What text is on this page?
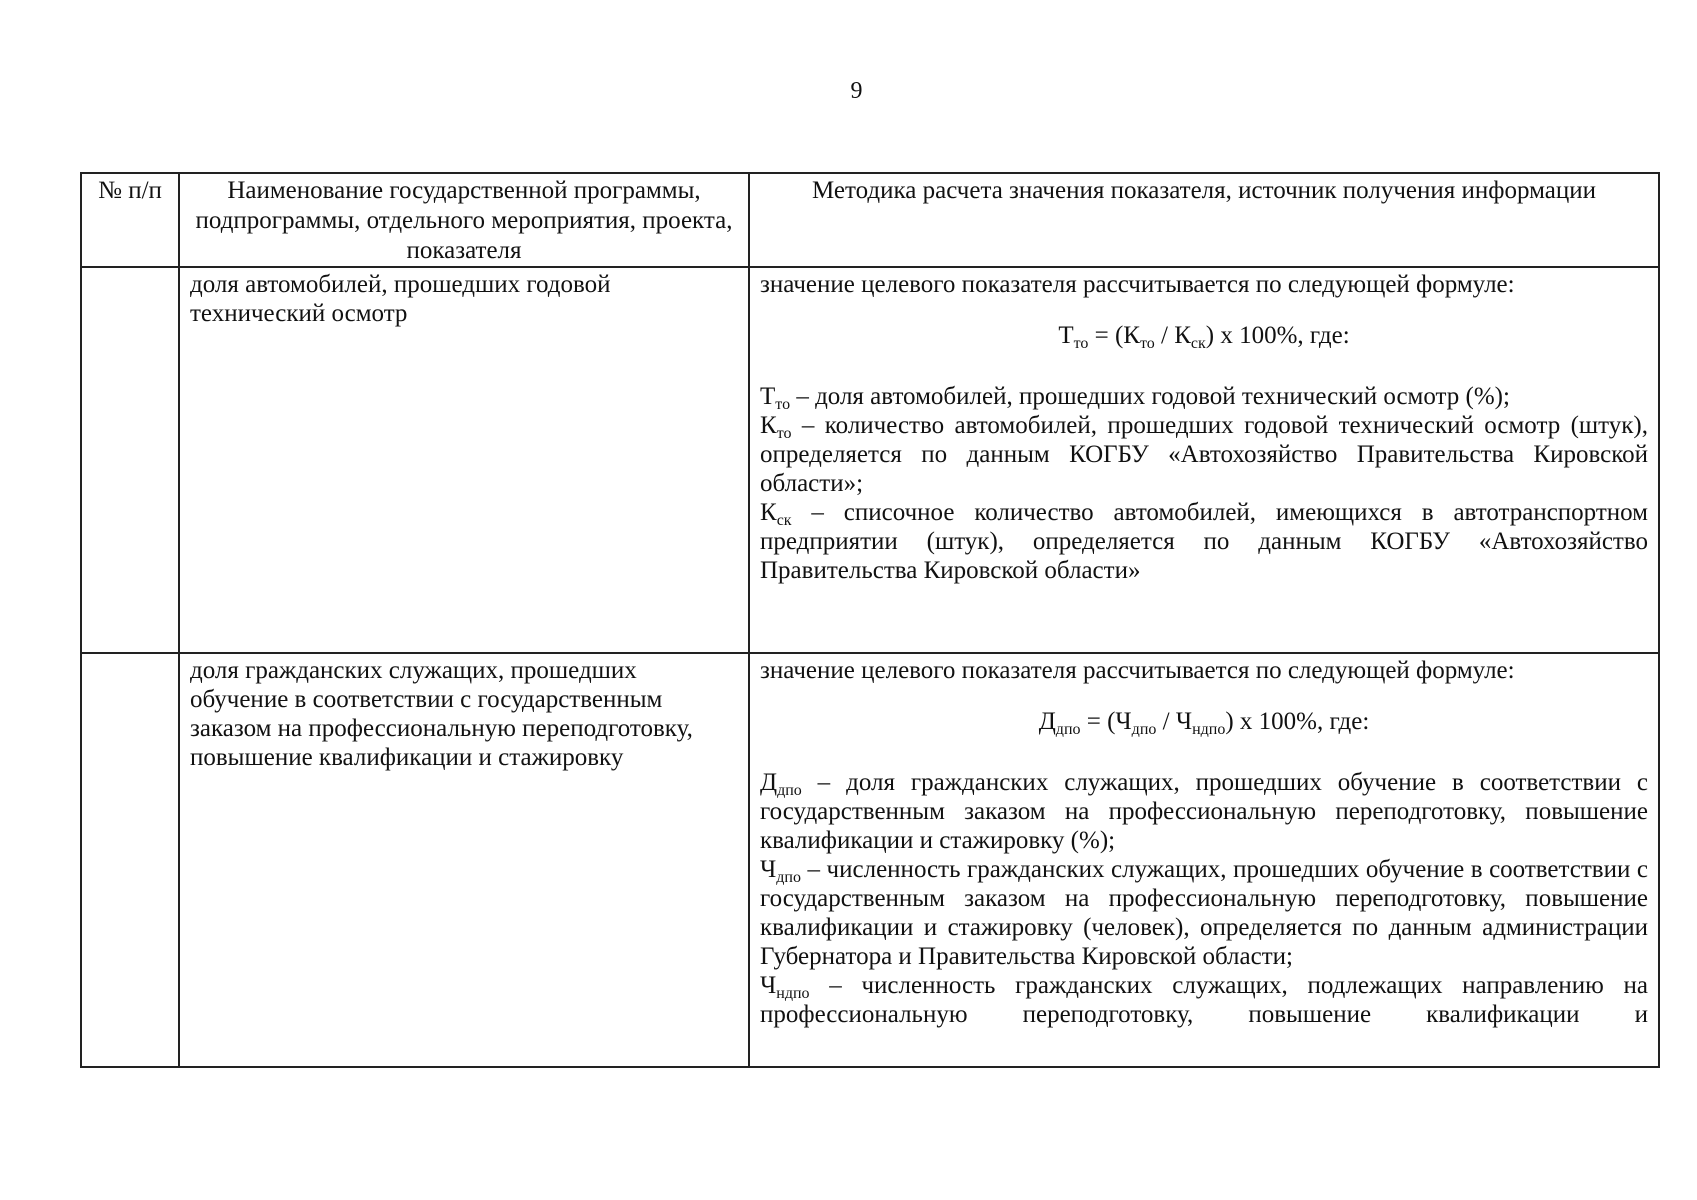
9
№ п/п	Наименование государственной программы, подпрограммы, отдельного мероприятия, проекта, показателя	Методика расчета значения показателя, источник получения информации
	доля автомобилей, прошедших годовой технический осмотр	значение целевого показателя рассчитывается по следующей формуле:

$Т_{то} = (К_{то} / К_{ск})$ х 100%, где:

$Т_{то}$ – доля автомобилей, прошедших годовой технический осмотр (%);

$К_{то}$ – количество автомобилей, прошедших годовой технический осмотр (штук), определяется по данным КОГБУ «Автохозяйство Правительства Кировской области»;

$К_{ск}$ – списочное количество автомобилей, имеющихся в автотранспортном предприятии (штук), определяется по данным КОГБУ «Автохозяйство Правительства Кировской области»

	доля гражданских служащих, прошедших обучение в соответствии с государственным заказом на профессиональную переподготовку, повышение квалификации и стажировку	значение целевого показателя рассчитывается по следующей формуле:

$Д_{дпо} = (Ч_{дпо} / Ч_{ндпо})$ х 100%, где:

$Д_{дпо}$ – доля гражданских служащих, прошедших обучение в соответствии с государственным заказом на профессиональную переподготовку, повышение квалификации и стажировку (%);

$Ч_{дпо}$ – численность гражданских служащих, прошедших обучение в соответствии с государственным заказом на профессиональную переподготовку, повышение квалификации и стажировку (человек), определяется по данным администрации Губернатора и Правительства Кировской области;

$Ч_{ндпо}$ – численность гражданских служащих, подлежащих направлению на профессиональную переподготовку, повышение квалификации и
